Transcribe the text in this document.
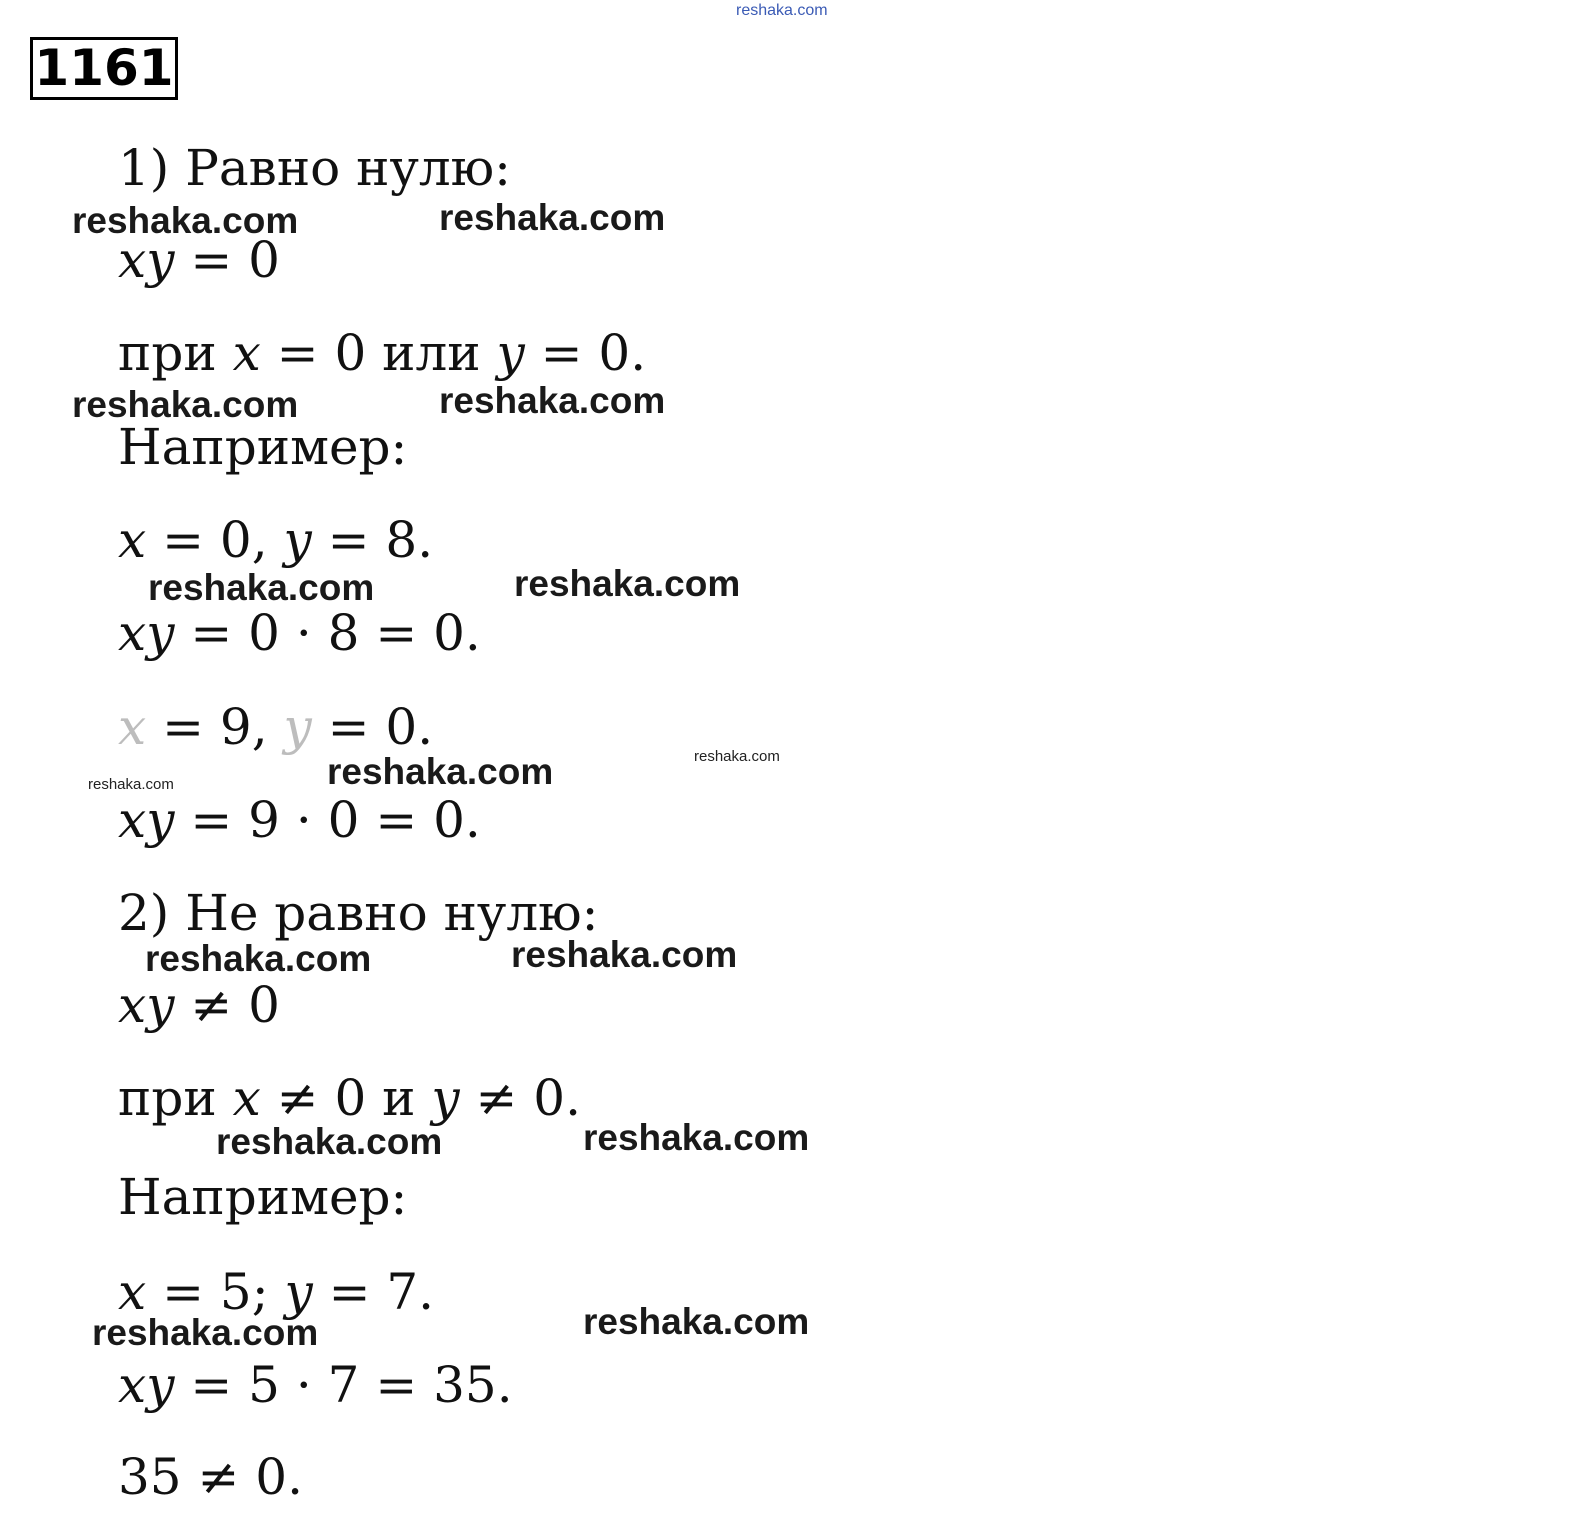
reshaka.com
1161
1) Равно нулю:
xy = 0
при x = 0 или y = 0.
Например:
x = 0, y = 8.
xy = 0 · 8 = 0.
x = 9, y = 0.
xy = 9 · 0 = 0.
2) Не равно нулю:
xy ≠ 0
при x ≠ 0 и y ≠ 0.
Например:
x = 5; y = 7.
xy = 5 · 7 = 35.
35 ≠ 0.
reshaka.com	reshaka.com
reshaka.com	reshaka.com
reshaka.com	reshaka.com
reshaka.com
reshaka.com	reshaka.com
reshaka.com	reshaka.com
reshaka.com	reshaka.com
reshaka.com	reshaka.com
